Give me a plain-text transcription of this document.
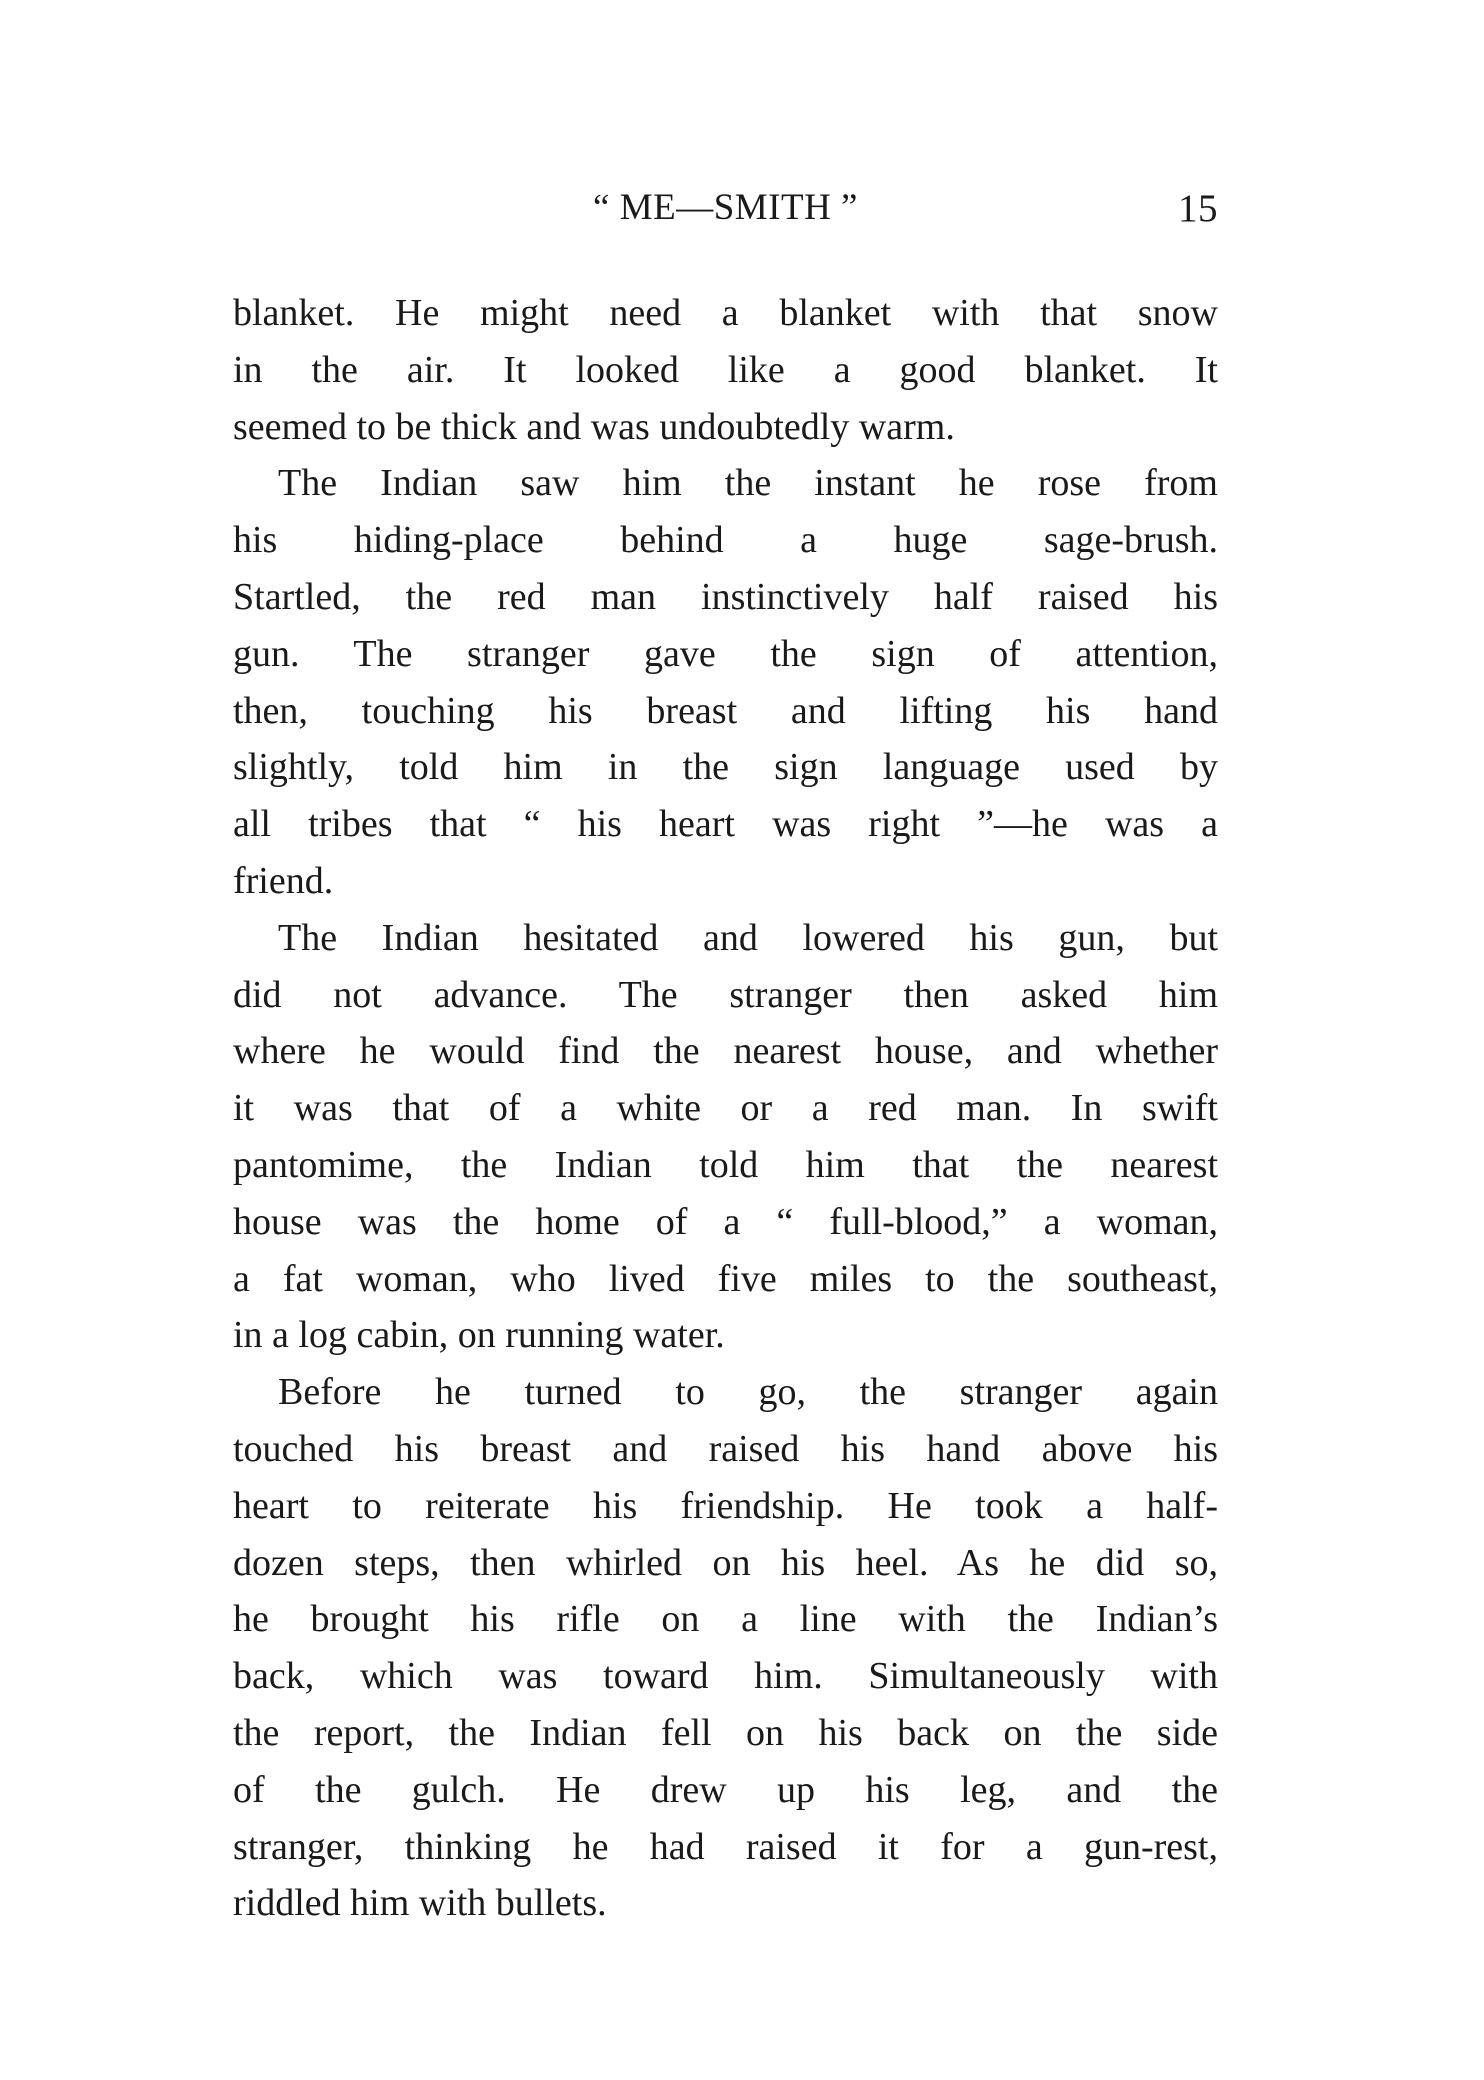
“ ME—SMITH ”	15
blanket. He might need a blanket with that snow
in the air. It looked like a good blanket. It
seemed to be thick and was undoubtedly warm.
The Indian saw him the instant he rose from
his hiding-place behind a huge sage-brush.
Startled, the red man instinctively half raised his
gun. The stranger gave the sign of attention,
then, touching his breast and lifting his hand
slightly, told him in the sign language used by
all tribes that “ his heart was right ”—he was a
friend.
The Indian hesitated and lowered his gun, but
did not advance. The stranger then asked him
where he would find the nearest house, and whether
it was that of a white or a red man. In swift
pantomime, the Indian told him that the nearest
house was the home of a “ full-blood,” a woman,
a fat woman, who lived five miles to the southeast,
in a log cabin, on running water.
Before he turned to go, the stranger again
touched his breast and raised his hand above his
heart to reiterate his friendship. He took a half-
dozen steps, then whirled on his heel. As he did so,
he brought his rifle on a line with the Indian’s
back, which was toward him. Simultaneously with
the report, the Indian fell on his back on the side
of the gulch. He drew up his leg, and the
stranger, thinking he had raised it for a gun-rest,
riddled him with bullets.
